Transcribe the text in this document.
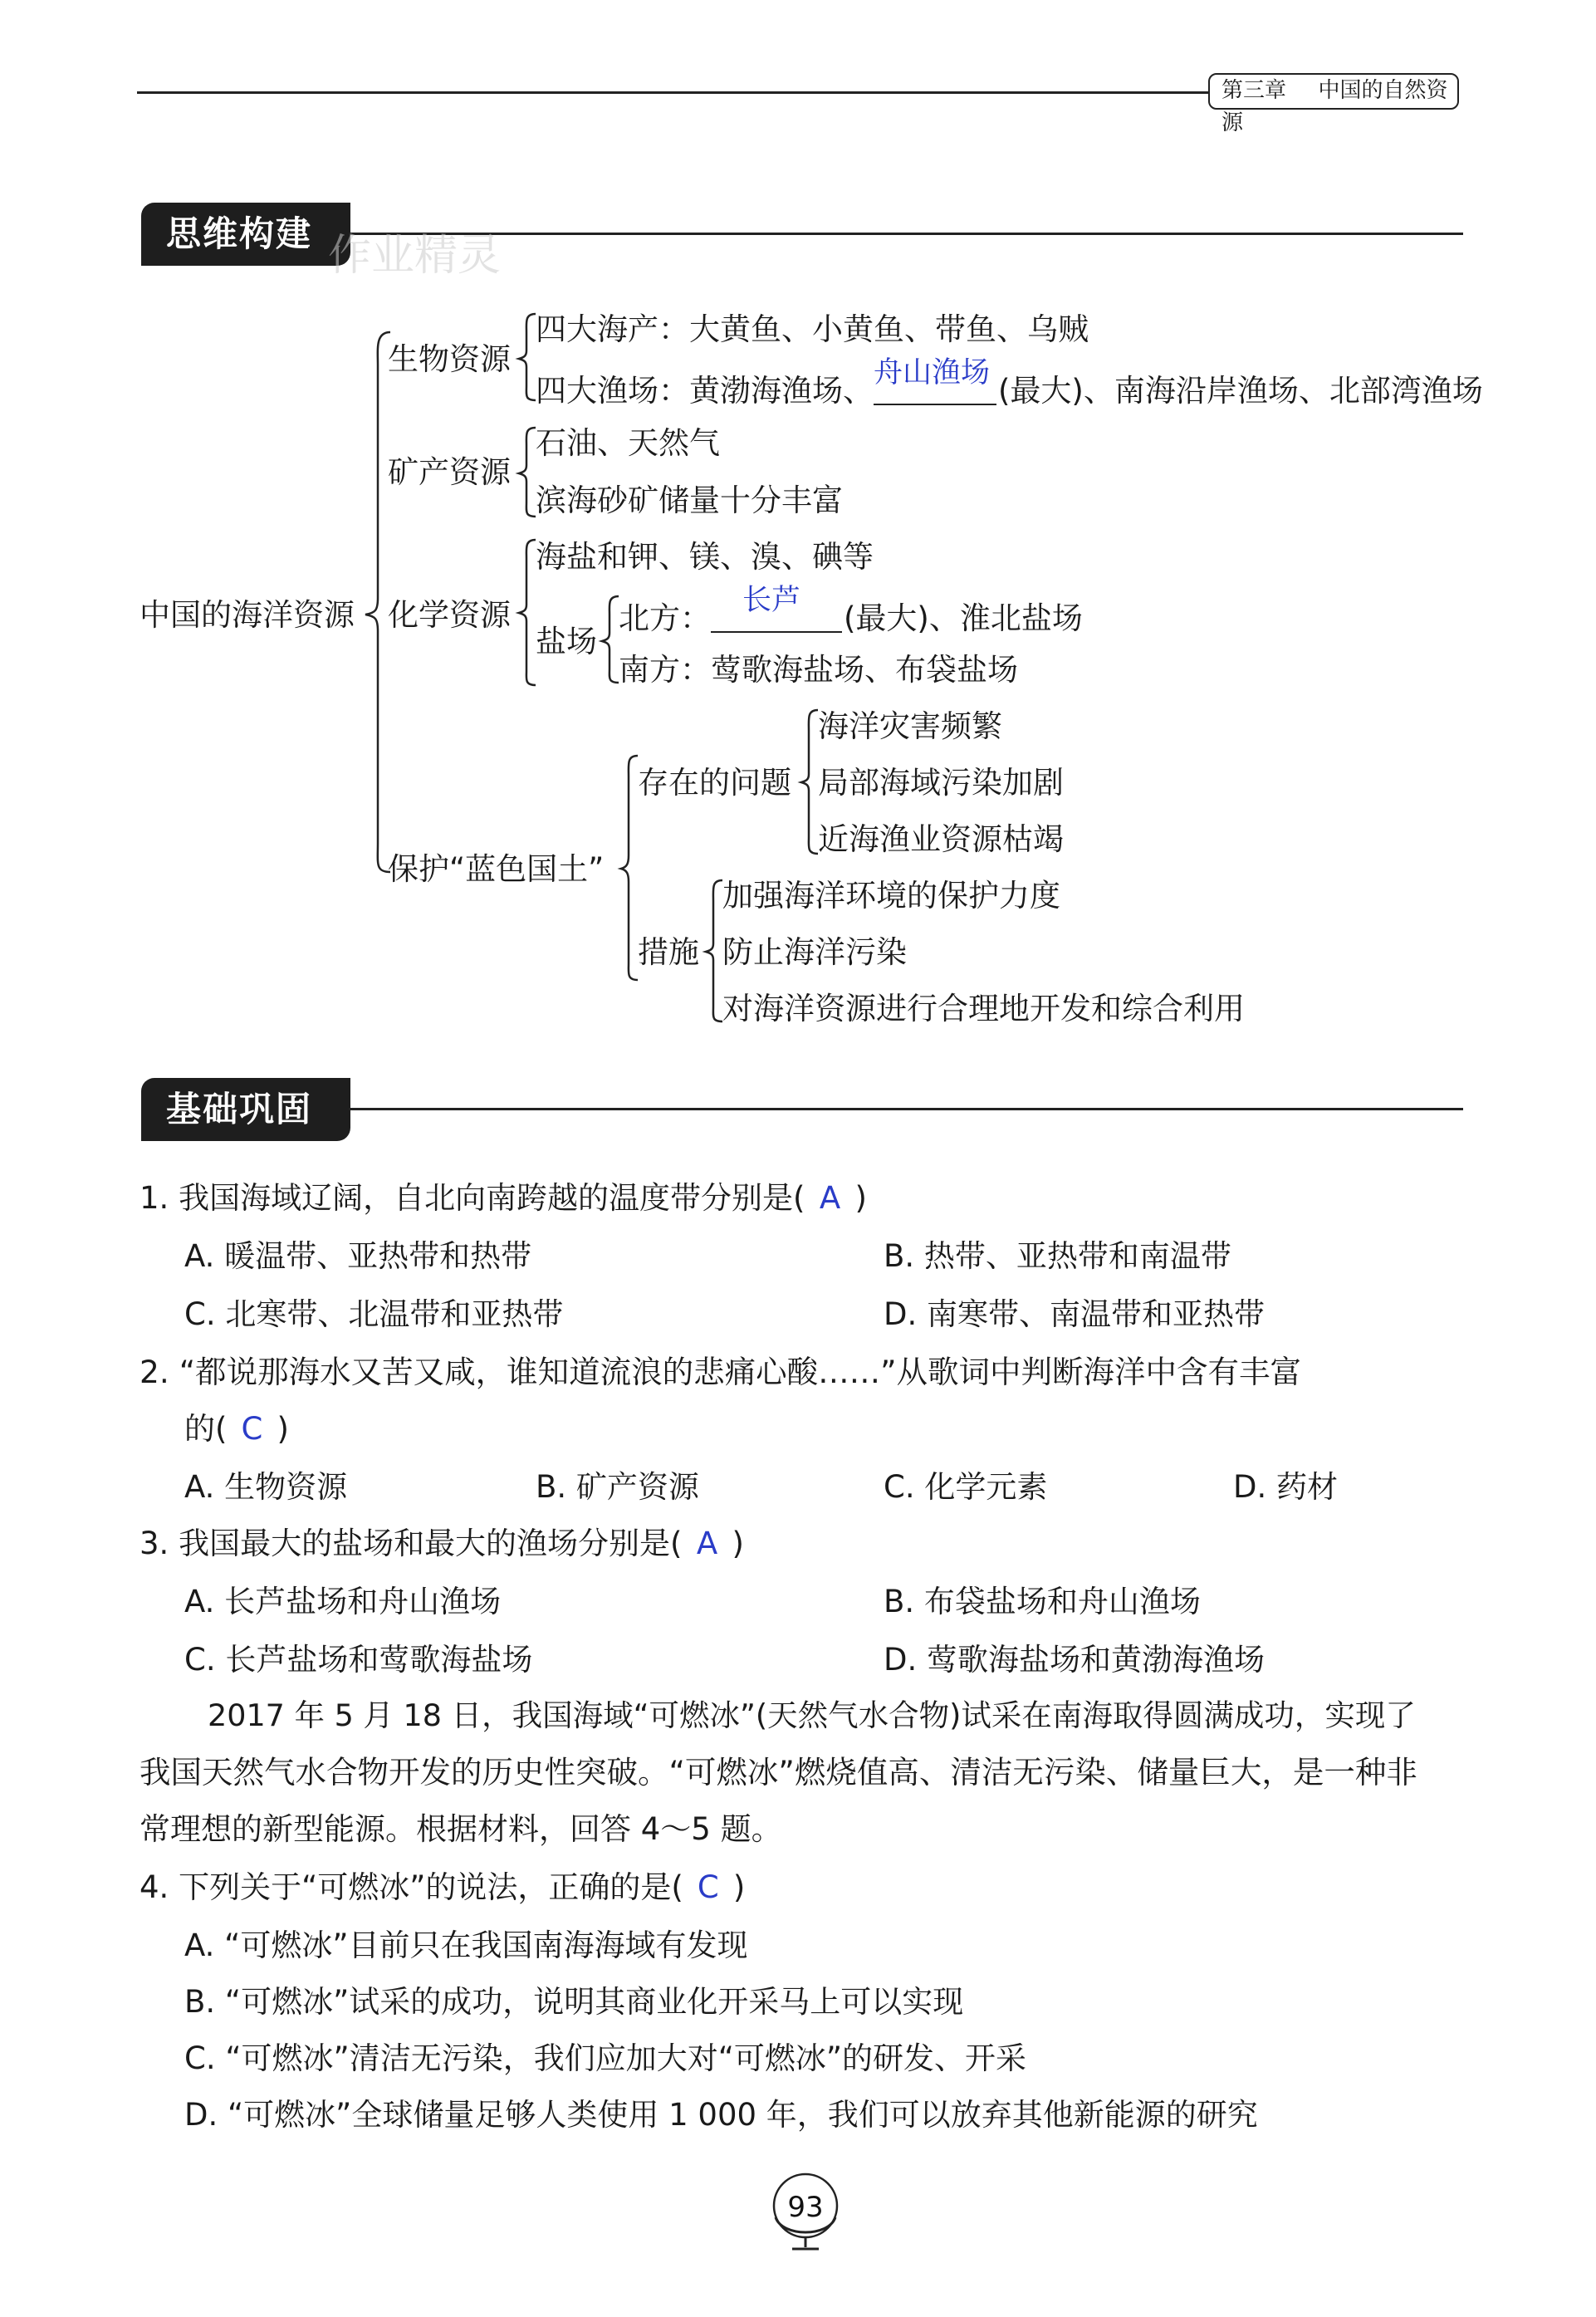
第三章 中国的自然资源
思维构建 作业精灵
中国的海洋资源
生物资源
四大海产：大黄鱼、小黄鱼、带鱼、乌贼
四大渔场：黄渤海渔场、 舟山渔场 (最大)、南海沿岸渔场、北部湾渔场
矿产资源
石油、天然气
滨海砂矿储量十分丰富
化学资源
海盐和钾、镁、溴、碘等
盐场
北方： 长芦 (最大)、淮北盐场
南方：莺歌海盐场、布袋盐场
保护“蓝色国土”
存在的问题
海洋灾害频繁
局部海域污染加剧
近海渔业资源枯竭
措施
加强海洋环境的保护力度
防止海洋污染
对海洋资源进行合理地开发和综合利用
基础巩固
1. 我国海域辽阔，自北向南跨越的温度带分别是( A )
A. 暖温带、亚热带和热带	B. 热带、亚热带和南温带
C. 北寒带、北温带和亚热带	D. 南寒带、南温带和亚热带
2. “都说那海水又苦又咸，谁知道流浪的悲痛心酸……”从歌词中判断海洋中含有丰富
的( C )
A. 生物资源	B. 矿产资源	C. 化学元素	D. 药材
3. 我国最大的盐场和最大的渔场分别是( A )
A. 长芦盐场和舟山渔场	B. 布袋盐场和舟山渔场
C. 长芦盐场和莺歌海盐场	D. 莺歌海盐场和黄渤海渔场
2017 年 5 月 18 日，我国海域“可燃冰”(天然气水合物)试采在南海取得圆满成功，实现了
我国天然气水合物开发的历史性突破。“可燃冰”燃烧值高、清洁无污染、储量巨大，是一种非
常理想的新型能源。根据材料，回答 4～5 题。
4. 下列关于“可燃冰”的说法，正确的是( C )
A. “可燃冰”目前只在我国南海海域有发现
B. “可燃冰”试采的成功，说明其商业化开采马上可以实现
C. “可燃冰”清洁无污染，我们应加大对“可燃冰”的研发、开采
D. “可燃冰”全球储量足够人类使用 1 000 年，我们可以放弃其他新能源的研究
93
